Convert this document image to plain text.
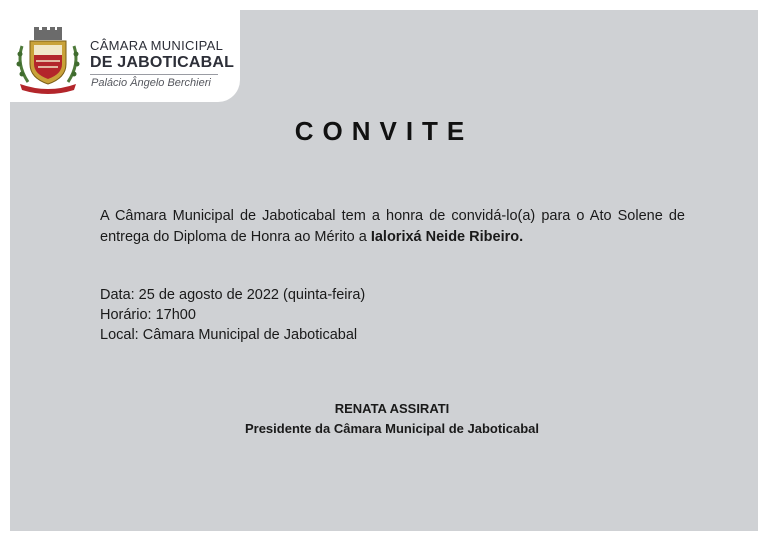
CÂMARA MUNICIPAL
DE JABOTICABAL
Palácio Ângelo Berchieri
CONVITE
A Câmara Municipal de Jaboticabal tem a honra de convidá-lo(a) para o Ato Solene de entrega do Diploma de Honra ao Mérito a Ialorixá Neide Ribeiro.
Data: 25 de agosto de 2022 (quinta-feira)
Horário: 17h00
Local: Câmara Municipal de Jaboticabal
RENATA ASSIRATI
Presidente da Câmara Municipal de Jaboticabal
